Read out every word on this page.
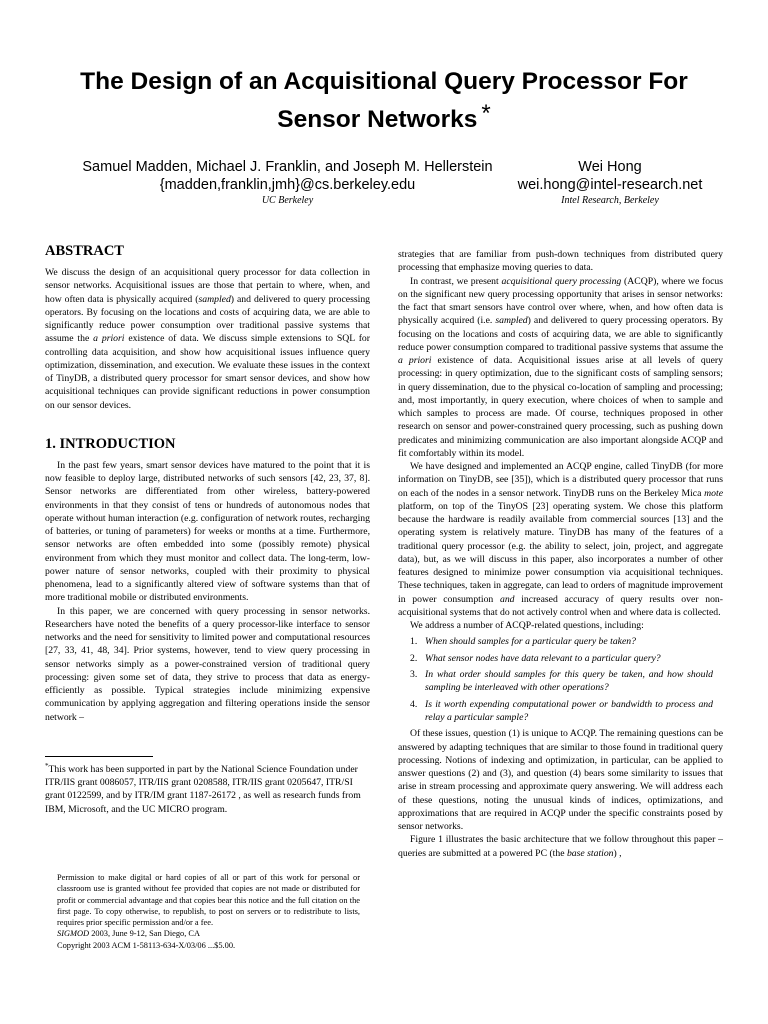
The Design of an Acquisitional Query Processor For
Sensor Networks *
Samuel Madden, Michael J. Franklin, and Joseph M. Hellerstein
{madden,franklin,jmh}@cs.berkeley.edu
UC Berkeley
Wei Hong
wei.hong@intel-research.net
Intel Research, Berkeley
ABSTRACT

We discuss the design of an acquisitional query processor for data collection in sensor networks. Acquisitional issues are those that pertain to where, when, and how often data is physically acquired (sampled) and delivered to query processing operators. By focusing on the locations and costs of acquiring data, we are able to significantly reduce power consumption over traditional passive systems that assume the a priori existence of data. We discuss simple extensions to SQL for controlling data acquisition, and show how acquisitional issues influence query optimization, dissemination, and execution. We evaluate these issues in the context of TinyDB, a distributed query processor for smart sensor devices, and show how acquisitional techniques can provide significant reductions in power consumption on our sensor devices.

1. INTRODUCTION

In the past few years, smart sensor devices have matured to the point that it is now feasible to deploy large, distributed networks of such sensors [42, 23, 37, 8]. Sensor networks are differentiated from other wireless, battery-powered environments in that they consist of tens or hundreds of autonomous nodes that operate without human interaction (e.g. configuration of network routes, recharging of batteries, or tuning of parameters) for weeks or months at a time. Furthermore, sensor networks are often embedded into some (possibly remote) physical environment from which they must monitor and collect data. The long-term, low-power nature of sensor networks, coupled with their proximity to physical phenomena, lead to a significantly altered view of software systems than that of more traditional mobile or distributed environments.

In this paper, we are concerned with query processing in sensor networks. Researchers have noted the benefits of a query processor-like interface to sensor networks and the need for sensitivity to limited power and computational resources [27, 33, 41, 48, 34]. Prior systems, however, tend to view query processing in sensor networks simply as a power-constrained version of traditional query processing: given some set of data, they strive to process that data as energy-efficiently as possible. Typical strategies include minimizing expensive communication by applying aggregation and filtering operations inside the sensor network –

*This work has been supported in part by the National Science Foundation under ITR/IIS grant 0086057, ITR/IIS grant 0208588, ITR/IIS grant 0205647, ITR/SI grant 0122599, and by ITR/IM grant 1187-26172 , as well as research funds from IBM, Microsoft, and the UC MICRO program.
Permission to make digital or hard copies of all or part of this work for personal or classroom use is granted without fee provided that copies are not made or distributed for profit or commercial advantage and that copies bear this notice and the full citation on the first page. To copy otherwise, to republish, to post on servers or to redistribute to lists, requires prior specific permission and/or a fee.
SIGMOD 2003, June 9-12, San Diego, CA
Copyright 2003 ACM 1-58113-634-X/03/06 ...$5.00.

strategies that are familiar from push-down techniques from distributed query processing that emphasize moving queries to data.

In contrast, we present acquisitional query processing (ACQP), where we focus on the significant new query processing opportunity that arises in sensor networks: the fact that smart sensors have control over where, when, and how often data is physically acquired (i.e. sampled) and delivered to query processing operators. By focusing on the locations and costs of acquiring data, we are able to significantly reduce power consumption compared to traditional passive systems that assume the a priori existence of data. Acquisitional issues arise at all levels of query processing: in query optimization, due to the significant costs of sampling sensors; in query dissemination, due to the physical co-location of sampling and processing; and, most importantly, in query execution, where choices of when to sample and which samples to process are made. Of course, techniques proposed in other research on sensor and power-constrained query processing, such as pushing down predicates and minimizing communication are also important alongside ACQP and fit comfortably within its model.

We have designed and implemented an ACQP engine, called TinyDB (for more information on TinyDB, see [35]), which is a distributed query processor that runs on each of the nodes in a sensor network. TinyDB runs on the Berkeley Mica mote platform, on top of the TinyOS [23] operating system. We chose this platform because the hardware is readily available from commercial sources [13] and the operating system is relatively mature. TinyDB has many of the features of a traditional query processor (e.g. the ability to select, join, project, and aggregate data), but, as we will discuss in this paper, also incorporates a number of other features designed to minimize power consumption via acquisitional techniques. These techniques, taken in aggregate, can lead to orders of magnitude improvement in power consumption and increased accuracy of query results over non-acquisitional systems that do not actively control when and where data is collected.

We address a number of ACQP-related questions, including:

1. When should samples for a particular query be taken?
2. What sensor nodes have data relevant to a particular query?
3. In what order should samples for this query be taken, and how should sampling be interleaved with other operations?
4. Is it worth expending computational power or bandwidth to process and relay a particular sample?

Of these issues, question (1) is unique to ACQP. The remaining questions can be answered by adapting techniques that are similar to those found in traditional query processing. Notions of indexing and optimization, in particular, can be applied to answer questions (2) and (3), and question (4) bears some similarity to issues that arise in stream processing and approximate query answering. We will address each of these questions, noting the unusual kinds of indices, optimizations, and approximations that are required in ACQP under the specific constraints posed by sensor networks.

Figure 1 illustrates the basic architecture that we follow throughout this paper – queries are submitted at a powered PC (the base station) ,
